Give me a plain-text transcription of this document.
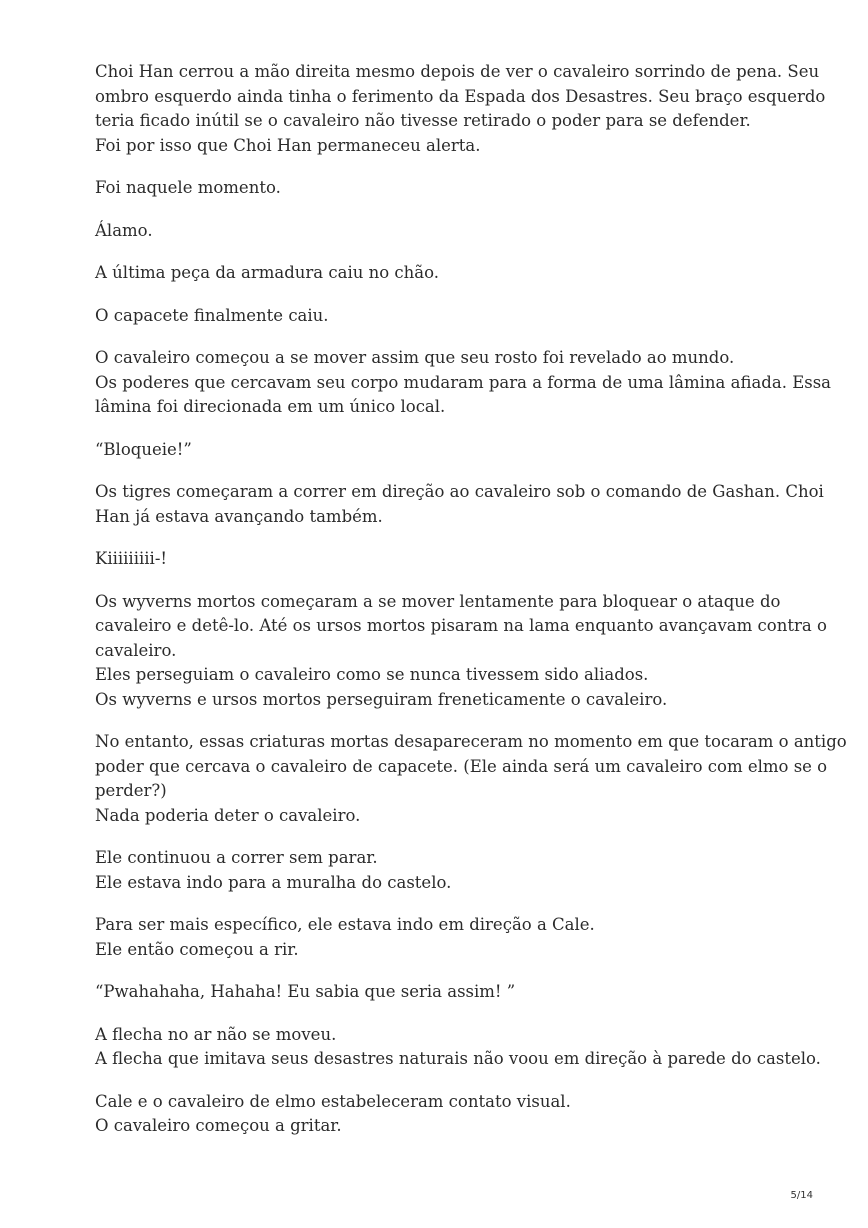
Choi Han cerrou a mão direita mesmo depois de ver o cavaleiro sorrindo de pena. Seu
ombro esquerdo ainda tinha o ferimento da Espada dos Desastres. Seu braço esquerdo
teria ficado inútil se o cavaleiro não tivesse retirado o poder para se defender.
Foi por isso que Choi Han permaneceu alerta.

Foi naquele momento.

Álamo.

A última peça da armadura caiu no chão.

O capacete finalmente caiu.

O cavaleiro começou a se mover assim que seu rosto foi revelado ao mundo.
Os poderes que cercavam seu corpo mudaram para a forma de uma lâmina afiada. Essa
lâmina foi direcionada em um único local.

“Bloqueie!”

Os tigres começaram a correr em direção ao cavaleiro sob o comando de Gashan. Choi
Han já estava avançando também.

Kiiiiiiiii-!

Os wyverns mortos começaram a se mover lentamente para bloquear o ataque do
cavaleiro e detê-lo. Até os ursos mortos pisaram na lama enquanto avançavam contra o
cavaleiro.
Eles perseguiam o cavaleiro como se nunca tivessem sido aliados.
Os wyverns e ursos mortos perseguiram freneticamente o cavaleiro.

No entanto, essas criaturas mortas desapareceram no momento em que tocaram o antigo
poder que cercava o cavaleiro de capacete. (Ele ainda será um cavaleiro com elmo se o
perder?)
Nada poderia deter o cavaleiro.

Ele continuou a correr sem parar.
Ele estava indo para a muralha do castelo.

Para ser mais específico, ele estava indo em direção a Cale.
Ele então começou a rir.

“Pwahahaha, Hahaha! Eu sabia que seria assim! ”

A flecha no ar não se moveu.
A flecha que imitava seus desastres naturais não voou em direção à parede do castelo.

Cale e o cavaleiro de elmo estabeleceram contato visual.
O cavaleiro começou a gritar.

5/14
